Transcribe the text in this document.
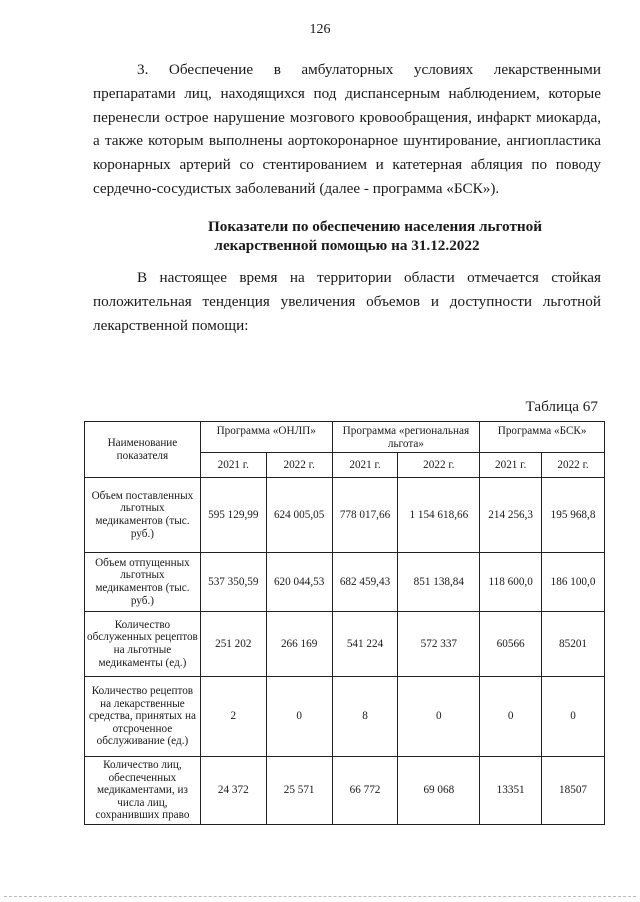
126

3. Обеспечение в амбулаторных условиях лекарственными
препаратами лиц, находящихся под диспансерным наблюдением, которые
перенесли острое нарушение мозгового кровообращения, инфаркт миокарда,
а также которым выполнены аортокоронарное шунтирование, ангиопластика
коронарных артерий со стентированием и катетерная абляция по поводу
сердечно-сосудистых заболеваний (далее - программа «БСК»).

Показатели по обеспечению населения льготной
лекарственной помощью на 31.12.2022

В настоящее время на территории области отмечается стойкая
положительная тенденция увеличения объемов и доступности льготной
лекарственной помощи:

Таблица 67
Наименование показателя	Программа «ОНЛП»		Программа «региональная льгота»		Программа «БСК»	
	2021 г.	2022 г.	2021 г.	2022 г.	2021 г.	2022 г.
Объем поставленных льготных медикаментов (тыс. руб.)	595 129,99	624 005,05	778 017,66	1 154 618,66	214 256,3	195 968,8
Объем отпущенных льготных медикаментов (тыс. руб.)	537 350,59	620 044,53	682 459,43	851 138,84	118 600,0	186 100,0
Количество обслуженных рецептов на льготные медикаменты (ед.)	251 202	266 169	541 224	572 337	60566	85201
Количество рецептов на лекарственные средства, принятых на отсроченное обслуживание (ед.)	2	0	8	0	0	0
Количество лиц, обеспеченных медикаментами, из числа лиц, сохранивших право	24 372	25 571	66 772	69 068	13351	18507
